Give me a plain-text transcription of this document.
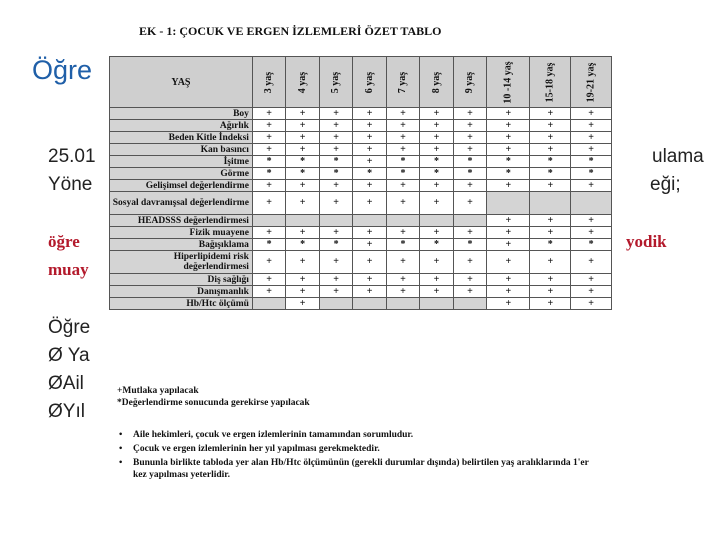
Öğre
25.01
Yöne
öğre
muay
Öğre
Ø Ya
ØAil
ØYıl
ulama
eği;
yodik
EK - 1: ÇOCUK VE ERGEN İZLEMLERİ ÖZET TABLO
YAŞ	3 yaş	4 yaş	5 yaş	6 yaş	7 yaş	8 yaş	9 yaş	10 -14 yaş	15-18 yaş	19-21 yaş
Boy	+	+	+	+	+	+	+	+	+	+
Ağırlık	+	+	+	+	+	+	+	+	+	+
Beden Kitle İndeksi	+	+	+	+	+	+	+	+	+	+
Kan basıncı	+	+	+	+	+	+	+	+	+	+
İşitme	*	*	*	+	*	*	*	*	*	*
Görme	*	*	*	*	*	*	*	*	*	*
Gelişimsel değerlendirme	+	+	+	+	+	+	+	+	+	+
Sosyal davranışsal değerlendirme	+	+	+	+	+	+	+			
HEADSSS değerlendirmesi								+	+	+
Fizik muayene	+	+	+	+	+	+	+	+	+	+
Bağışıklama	*	*	*	+	*	*	*	+	*	*
Hiperlipidemi risk değerlendirmesi	+	+	+	+	+	+	+	+	+	+
Diş sağlığı	+	+	+	+	+	+	+	+	+	+
Danışmanlık	+	+	+	+	+	+	+	+	+	+
Hb/Htc ölçümü		+						+	+	+
+Mutlaka yapılacak
*Değerlendirme sonucunda gerekirse yapılacak
•	Aile hekimleri, çocuk ve ergen izlemlerinin tamamından sorumludur.
•	Çocuk ve ergen izlemlerinin her yıl yapılması gerekmektedir.
•	Bununla birlikte tabloda yer alan Hb/Htc ölçümünün (gerekli durumlar dışında) belirtilen yaş aralıklarında 1'er kez yapılması yeterlidir.
